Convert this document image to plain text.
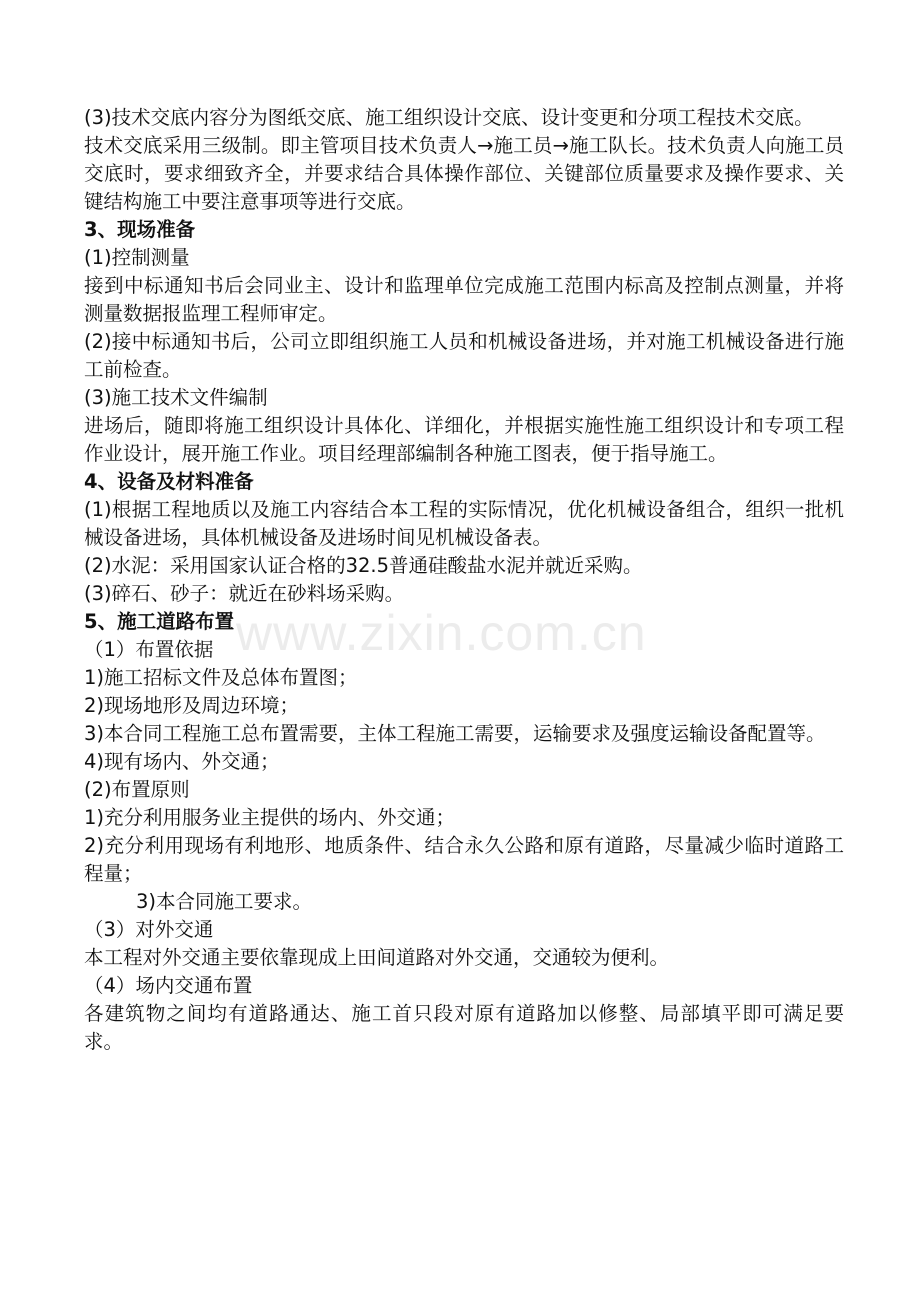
www.zixin.com.cn

(3)技术交底内容分为图纸交底、施工组织设计交底、设计变更和分项工程技术交底。

技术交底采用三级制。即主管项目技术负责人→施工员→施工队长。技术负责人向施工员交底时，要求细致齐全，并要求结合具体操作部位、关键部位质量要求及操作要求、关键结构施工中要注意事项等进行交底。

3、现场准备

(1)控制测量

接到中标通知书后会同业主、设计和监理单位完成施工范围内标高及控制点测量，并将测量数据报监理工程师审定。

(2)接中标通知书后，公司立即组织施工人员和机械设备进场，并对施工机械设备进行施工前检查。

(3)施工技术文件编制

进场后，随即将施工组织设计具体化、详细化，并根据实施性施工组织设计和专项工程作业设计，展开施工作业。项目经理部编制各种施工图表，便于指导施工。

4、设备及材料准备

(1)根据工程地质以及施工内容结合本工程的实际情况，优化机械设备组合，组织一批机械设备进场，具体机械设备及进场时间见机械设备表。

(2)水泥：采用国家认证合格的32.5普通硅酸盐水泥并就近采购。

(3)碎石、砂子：就近在砂料场采购。

5、施工道路布置

（1）布置依据

1)施工招标文件及总体布置图；

2)现场地形及周边环境；

3)本合同工程施工总布置需要，主体工程施工需要，运输要求及强度运输设备配置等。

4)现有场内、外交通；

(2)布置原则

1)充分利用服务业主提供的场内、外交通；

2)充分利用现场有利地形、地质条件、结合永久公路和原有道路，尽量减少临时道路工程量；

3)本合同施工要求。

（3）对外交通

本工程对外交通主要依靠现成上田间道路对外交通，交通较为便利。

（4）场内交通布置

各建筑物之间均有道路通达、施工首只段对原有道路加以修整、局部填平即可满足要求。
